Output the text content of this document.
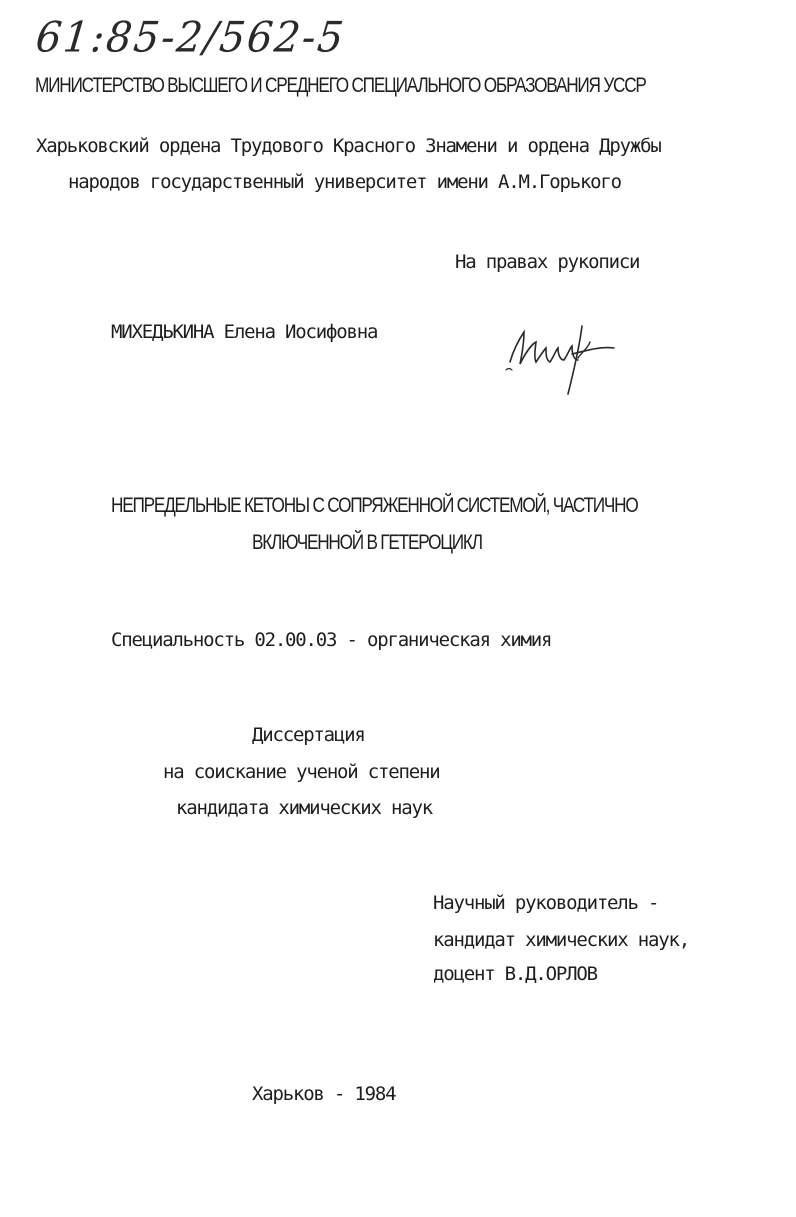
61:85-2/562-5
МИНИСТЕРСТВО ВЫСШЕГО И СРЕДНЕГО СПЕЦИАЛЬНОГО ОБРАЗОВАНИЯ УССР
Харьковский ордена Трудового Красного Знамени и ордена Дружбы
народов государственный университет имени А.М.Горького
На правах рукописи
МИХЕДЬКИНА Елена Иосифовна
НЕПРЕДЕЛЬНЫЕ КЕТОНЫ С СОПРЯЖЕННОЙ СИСТЕМОЙ, ЧАСТИЧНО
ВКЛЮЧЕННОЙ В ГЕТЕРОЦИКЛ
Специальность 02.00.03 - органическая химия
Диссертация
на соискание ученой степени
кандидата химических наук
Научный руководитель -
кандидат химических наук,
доцент В.Д.ОРЛОВ
Харьков - 1984
